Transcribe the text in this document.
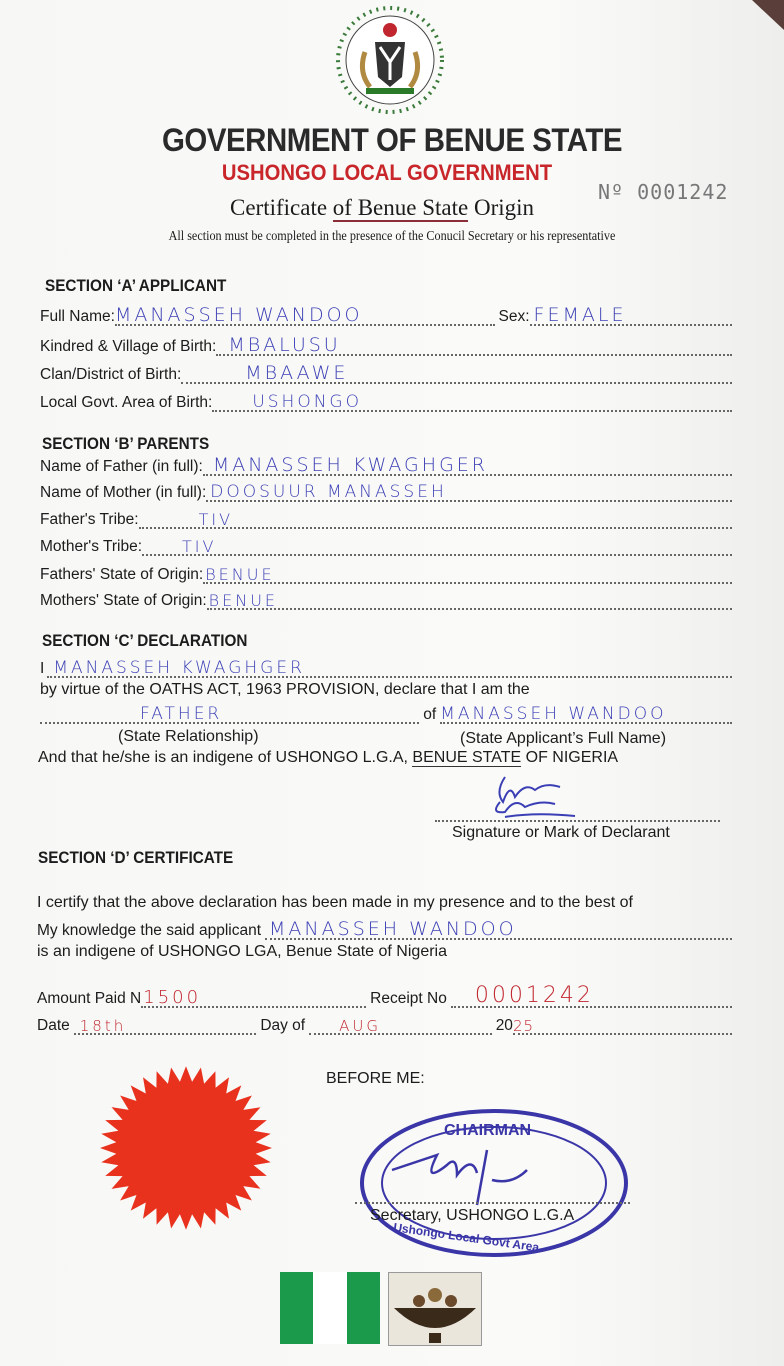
GOVERNMENT OF BENUE STATE
USHONGO LOCAL GOVERNMENT
Nº 0001242
Certificate of Benue State Origin
All section must be completed in the presence of the Conucil Secretary or his representative
SECTION ‘A’ APPLICANT
Full Name: MANASSEH WANDOO	Sex: FEMALE
Kindred & Village of Birth: MBALUSU
Clan/District of Birth:	MBAAWE
Local Govt. Area of Birth: USHONGO
SECTION ‘B’ PARENTS
Name of Father (in full): MANASSEH KWAGHGER
Name of Mother (in full): DOOSUUR MANASSEH
Father's Tribe:	TIV
Mother's Tribe:	TIV
Fathers' State of Origin: BENUE
Mothers' State of Origin: BENUE
SECTION ‘C’ DECLARATION
I MANASSEH KWAGHGER
by virtue of the OATHS ACT, 1963 PROVISION, declare that I am the
FATHER	of MANASSEH WANDOO
(State Relationship)	(State Applicant’s Full Name)
And that he/she is an indigene of USHONGO L.G.A, BENUE STATE OF NIGERIA
Signature or Mark of Declarant
SECTION ‘D’ CERTIFICATE
I certify that the above declaration has been made in my presence and to the best of
My knowledge the said applicant MANASSEH WANDOO
is an indigene of USHONGO LGA, Benue State of Nigeria
Amount Paid N 1500	Receipt No 0001242
Date 18th	Day of AUG	20 25
BEFORE ME:
CHAIRMAN
Ushongo Local Govt Area
Secretary, USHONGO L.G.A
